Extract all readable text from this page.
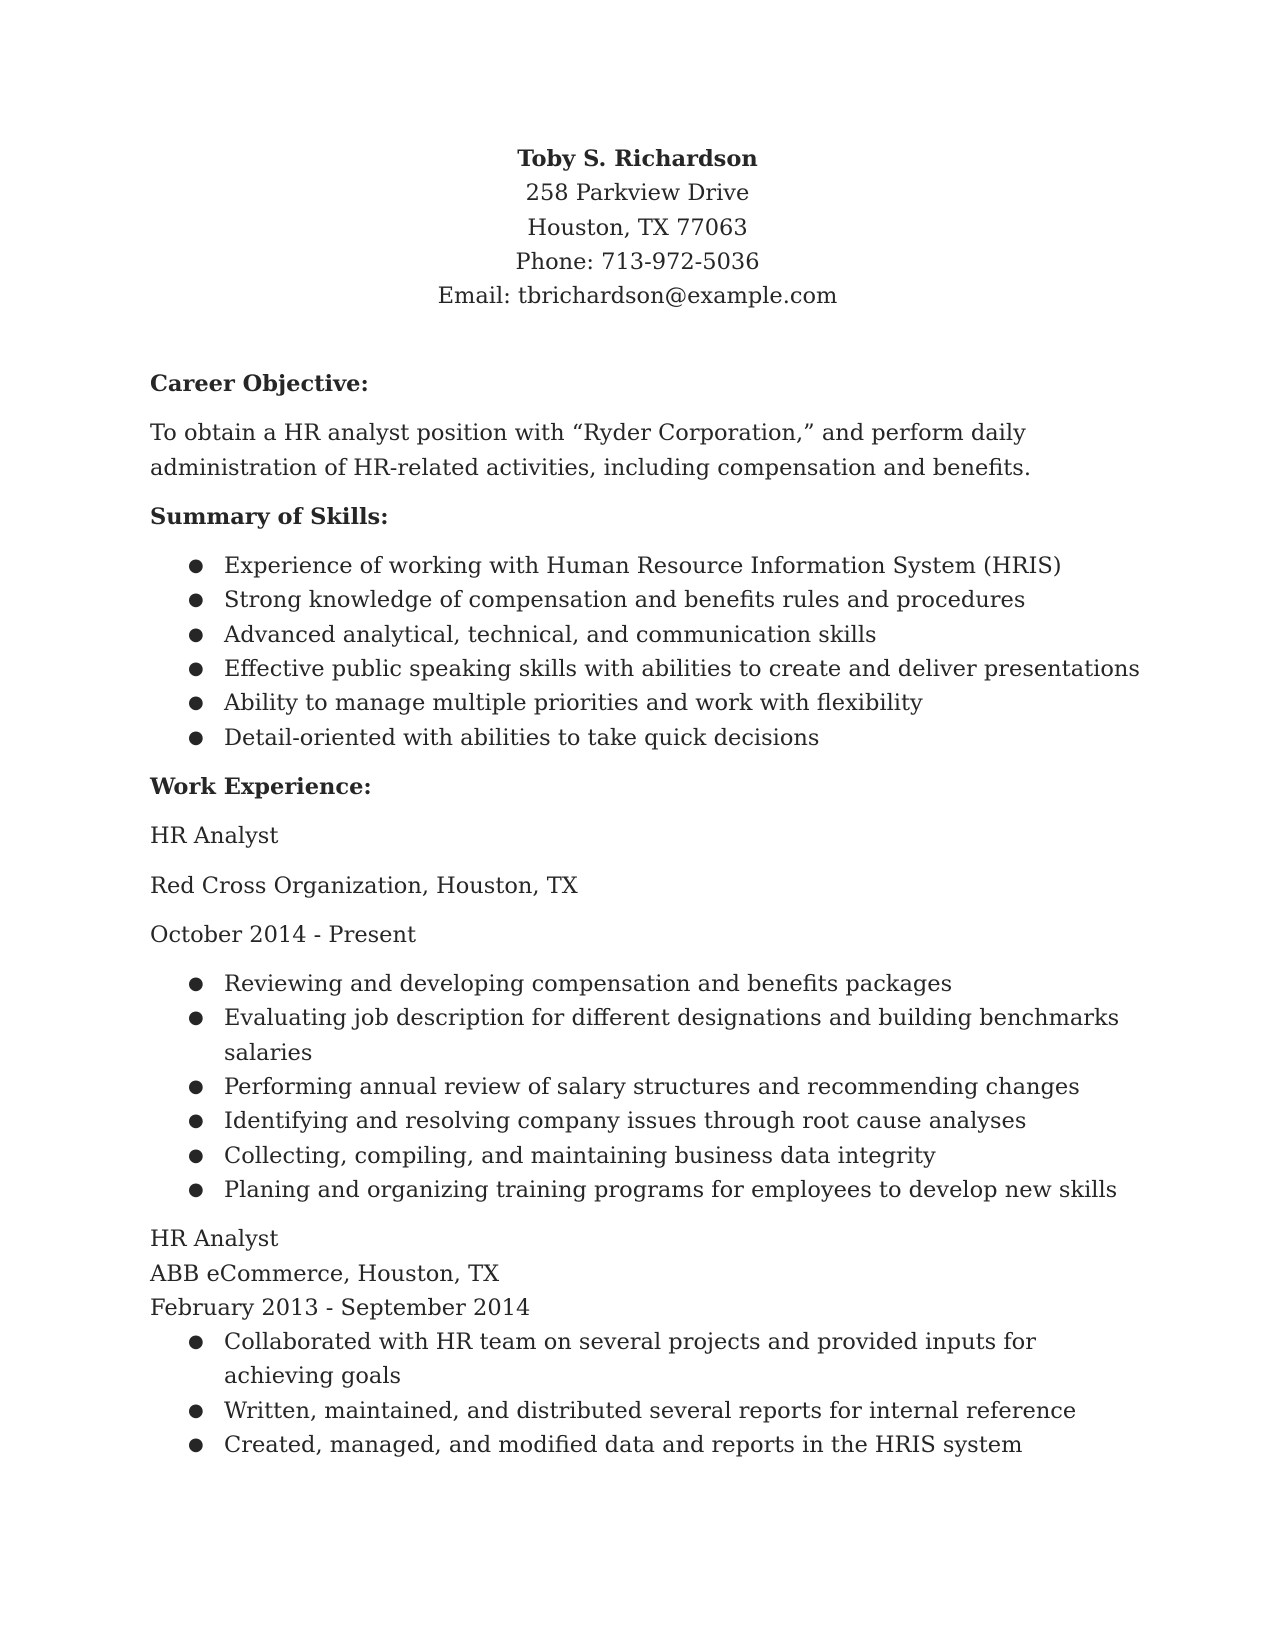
Toby S. Richardson
258 Parkview Drive
Houston, TX 77063
Phone: 713-972-5036
Email: tbrichardson@example.com
Career Objective:

To obtain a HR analyst position with “Ryder Corporation,” and perform daily administration of HR-related activities, including compensation and benefits.

Summary of Skills:
● Experience of working with Human Resource Information System (HRIS)
● Strong knowledge of compensation and benefits rules and procedures
● Advanced analytical, technical, and communication skills
● Effective public speaking skills with abilities to create and deliver presentations
● Ability to manage multiple priorities and work with flexibility
● Detail-oriented with abilities to take quick decisions
Work Experience:
HR Analyst
Red Cross Organization, Houston, TX
October 2014 - Present
● Reviewing and developing compensation and benefits packages
● Evaluating job description for different designations and building benchmarks salaries
● Performing annual review of salary structures and recommending changes
● Identifying and resolving company issues through root cause analyses
● Collecting, compiling, and maintaining business data integrity
● Planing and organizing training programs for employees to develop new skills
HR Analyst
ABB eCommerce, Houston, TX
February 2013 - September 2014
● Collaborated with HR team on several projects and provided inputs for achieving goals
● Written, maintained, and distributed several reports for internal reference
● Created, managed, and modified data and reports in the HRIS system
